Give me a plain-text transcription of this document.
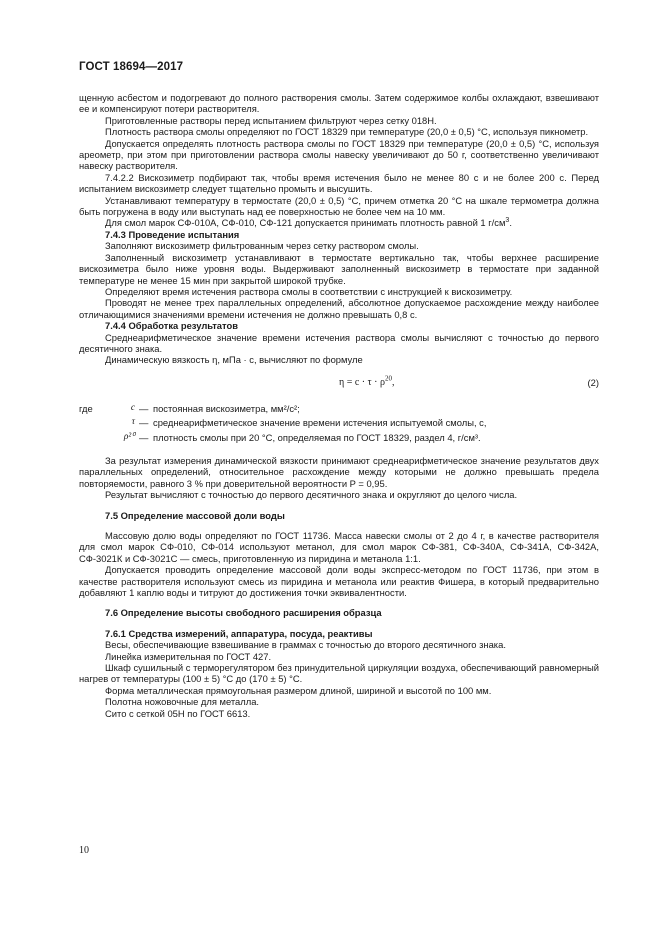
ГОСТ 18694—2017

щенную асбестом и подогревают до полного растворения смолы. Затем содержимое колбы охлаждают, взвешивают ее и компенсируют потери растворителя.

Приготовленные растворы перед испытанием фильтруют через сетку 018Н.

Плотность раствора смолы определяют по ГОСТ 18329 при температуре (20,0 ± 0,5) °С, используя пикнометр.

Допускается определять плотность раствора смолы по ГОСТ 18329 при температуре (20,0 ± 0,5) °С, используя ареометр, при этом при приготовлении раствора смолы навеску увеличивают до 50 г, соответственно увеличивают навеску растворителя.

7.4.2.2 Вискозиметр подбирают так, чтобы время истечения было не менее 80 с и не более 200 с. Перед испытанием вискозиметр следует тщательно промыть и высушить.

Устанавливают температуру в термостате (20,0 ± 0,5) °С, причем отметка 20 °С на шкале термометра должна быть погружена в воду или выступать над ее поверхностью не более чем на 10 мм.

Для смол марок СФ-010А, СФ-010, СФ-121 допускается принимать плотность равной 1 $г/см^3$.

7.4.3 Проведение испытания

Заполняют вискозиметр фильтрованным через сетку раствором смолы.

Заполненный вискозиметр устанавливают в термостате вертикально так, чтобы верхнее расширение вискозиметра было ниже уровня воды. Выдерживают заполненный вискозиметр в термостате при заданной температуре не менее 15 мин при закрытой широкой трубке.

Определяют время истечения раствора смолы в соответствии с инструкцией к вискозиметру.

Проводят не менее трех параллельных определений, абсолютное допускаемое расхождение между наиболее отличающимися значениями времени истечения не должно превышать 0,8 с.

7.4.4 Обработка результатов

Среднеарифметическое значение времени истечения раствора смолы вычисляют с точностью до первого десятичного знака.

Динамическую вязкость η, мПа · с, вычисляют по формуле

$\eta = c \cdot \tau \cdot \rho^{20}$,	(2)
где	c — постоянная вискозиметра, мм²/с²;
τ — среднеарифметическое значение времени истечения испытуемой смолы, с,
ρ²⁰ — плотность смолы при 20 °С, определяемая по ГОСТ 18329, раздел 4, г/см³.

За результат измерения динамической вязкости принимают среднеарифметическое значение результатов двух параллельных определений, относительное расхождение между которыми не должно превышать предела повторяемости, равного 3 % при доверительной вероятности P = 0,95.

Результат вычисляют с точностью до первого десятичного знака и округляют до целого числа.

7.5 Определение массовой доли воды

Массовую долю воды определяют по ГОСТ 11736. Масса навески смолы от 2 до 4 г, в качестве растворителя для смол марок СФ-010, СФ-014 используют метанол, для смол марок СФ-381, СФ-340А, СФ-341А, СФ-342А, СФ-3021К и СФ-3021С — смесь, приготовленную из пиридина и метанола 1:1.

Допускается проводить определение массовой доли воды экспресс-методом по ГОСТ 11736, при этом в качестве растворителя используют смесь из пиридина и метанола или реактив Фишера, в который предварительно добавляют 1 каплю воды и титруют до достижения точки эквивалентности.

7.6 Определение высоты свободного расширения образца

7.6.1 Средства измерений, аппаратура, посуда, реактивы

Весы, обеспечивающие взвешивание в граммах с точностью до второго десятичного знака.

Линейка измерительная по ГОСТ 427.

Шкаф сушильный с терморегулятором без принудительной циркуляции воздуха, обеспечивающий равномерный нагрев от температуры (100 ± 5) °С до (170 ± 5) °С.

Форма металлическая прямоугольная размером длиной, шириной и высотой по 100 мм.

Полотна ножовочные для металла.

Сито с сеткой 05Н по ГОСТ 6613.

10
